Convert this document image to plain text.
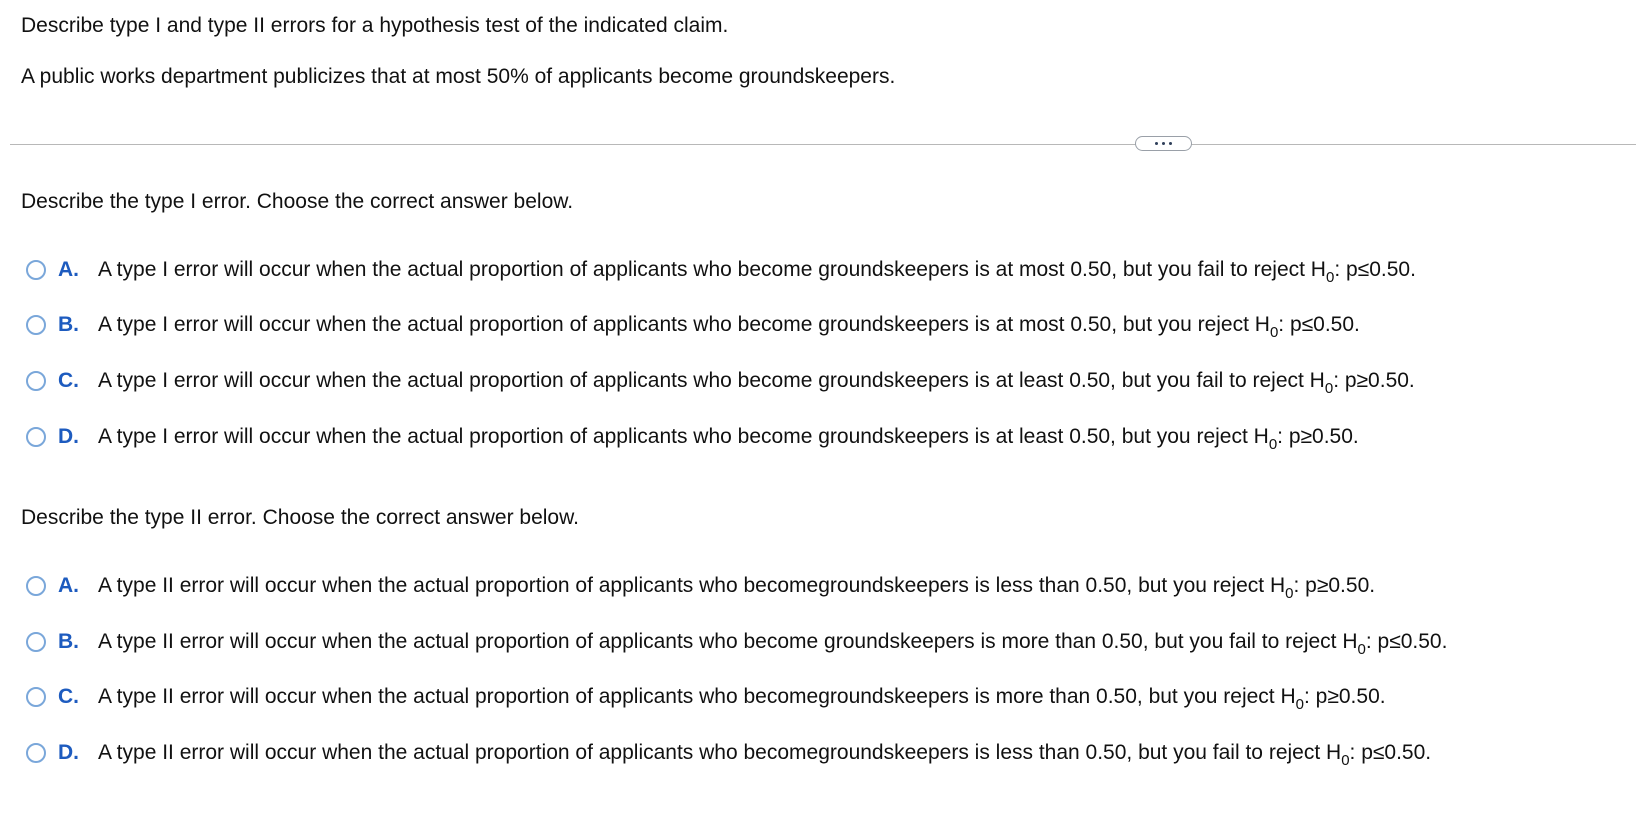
Describe type I and type II errors for a hypothesis test of the indicated claim.
A public works department publicizes that at most 50% of applicants become groundskeepers.
Describe the type I error. Choose the correct answer below.
A. A type I error will occur when the actual proportion of applicants who become groundskeepers is at most 0.50, but you fail to reject $H_0$: p≤0.50.
B. A type I error will occur when the actual proportion of applicants who become groundskeepers is at most 0.50, but you reject $H_0$: p≤0.50.
C. A type I error will occur when the actual proportion of applicants who become groundskeepers is at least 0.50, but you fail to reject $H_0$: p≥0.50.
D. A type I error will occur when the actual proportion of applicants who become groundskeepers is at least 0.50, but you reject $H_0$: p≥0.50.
Describe the type II error. Choose the correct answer below.
A. A type II error will occur when the actual proportion of applicants who becomegroundskeepers is less than 0.50, but you reject $H_0$: p≥0.50.
B. A type II error will occur when the actual proportion of applicants who become groundskeepers is more than 0.50, but you fail to reject $H_0$: p≤0.50.
C. A type II error will occur when the actual proportion of applicants who becomegroundskeepers is more than 0.50, but you reject $H_0$: p≥0.50.
D. A type II error will occur when the actual proportion of applicants who becomegroundskeepers is less than 0.50, but you fail to reject $H_0$: p≤0.50.
